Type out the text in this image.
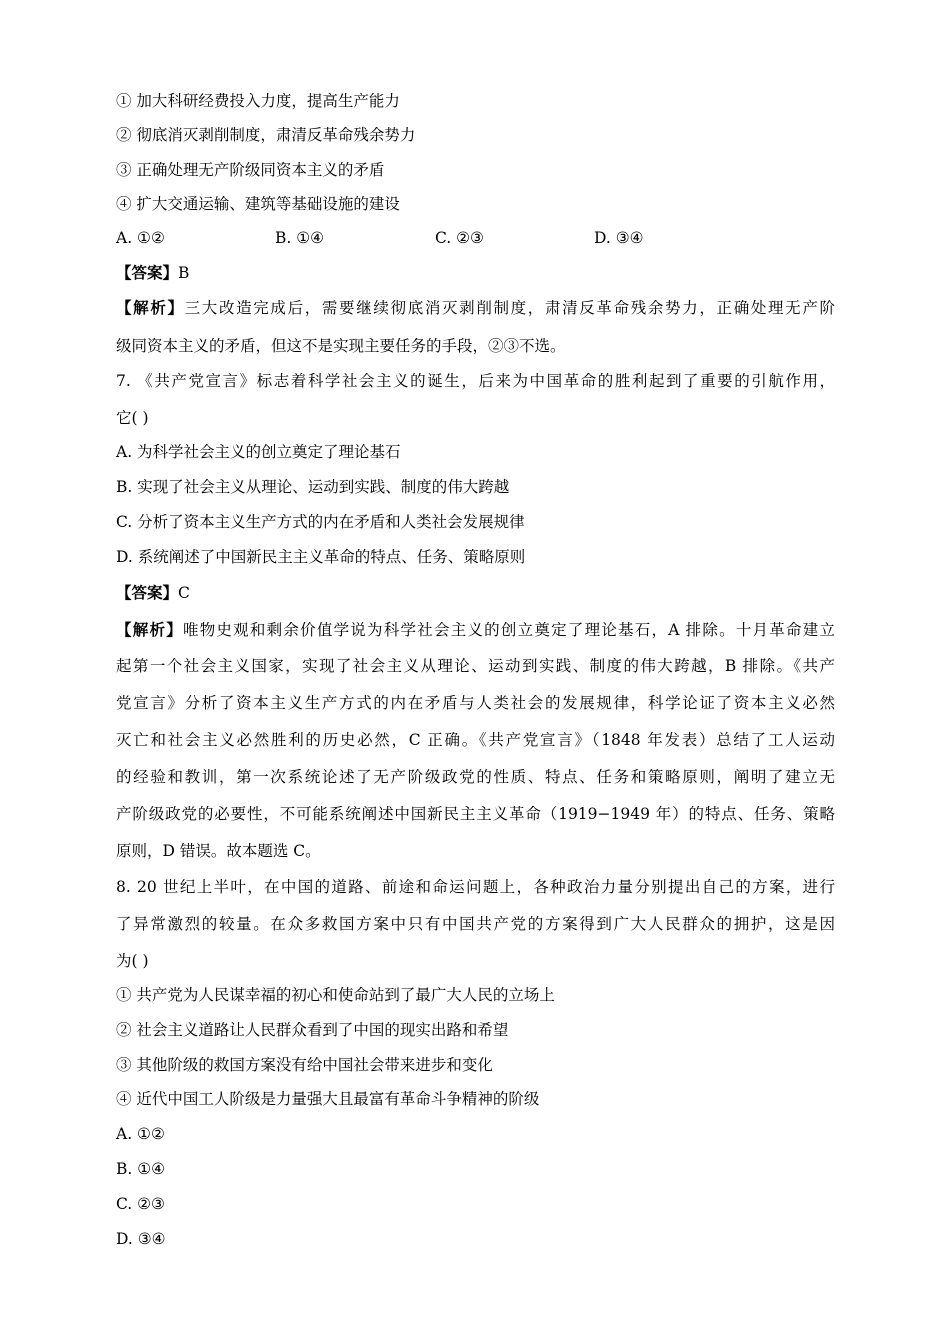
① 加大科研经费投入力度，提高生产能力
② 彻底消灭剥削制度，肃清反革命残余势力
③ 正确处理无产阶级同资本主义的矛盾
④ 扩大交通运输、建筑等基础设施的建设
A. ①②	B. ①④	C. ②③	D. ③④
【答案】B
【解析】三大改造完成后，需要继续彻底消灭剥削制度，肃清反革命残余势力，正确处理无产阶
级同资本主义的矛盾，但这不是实现主要任务的手段，②③不选。
7. 《共产党宣言》标志着科学社会主义的诞生，后来为中国革命的胜利起到了重要的引航作用，
它( )
A. 为科学社会主义的创立奠定了理论基石
B. 实现了社会主义从理论、运动到实践、制度的伟大跨越
C. 分析了资本主义生产方式的内在矛盾和人类社会发展规律
D. 系统阐述了中国新民主主义革命的特点、任务、策略原则
【答案】C
【解析】唯物史观和剩余价值学说为科学社会主义的创立奠定了理论基石，A 排除。十月革命建立
起第一个社会主义国家，实现了社会主义从理论、运动到实践、制度的伟大跨越，B 排除。《共产
党宣言》分析了资本主义生产方式的内在矛盾与人类社会的发展规律，科学论证了资本主义必然
灭亡和社会主义必然胜利的历史必然，C 正确。《共产党宣言》（1848 年发表）总结了工人运动
的经验和教训，第一次系统论述了无产阶级政党的性质、特点、任务和策略原则，阐明了建立无
产阶级政党的必要性，不可能系统阐述中国新民主主义革命（1919−1949 年）的特点、任务、策略
原则，D 错误。故本题选 C。
8. 20 世纪上半叶，在中国的道路、前途和命运问题上，各种政治力量分别提出自己的方案，进行
了异常激烈的较量。在众多救国方案中只有中国共产党的方案得到广大人民群众的拥护，这是因
为( )
① 共产党为人民谋幸福的初心和使命站到了最广大人民的立场上
② 社会主义道路让人民群众看到了中国的现实出路和希望
③ 其他阶级的救国方案没有给中国社会带来进步和变化
④ 近代中国工人阶级是力量强大且最富有革命斗争精神的阶级
A. ①②
B. ①④
C. ②③
D. ③④
